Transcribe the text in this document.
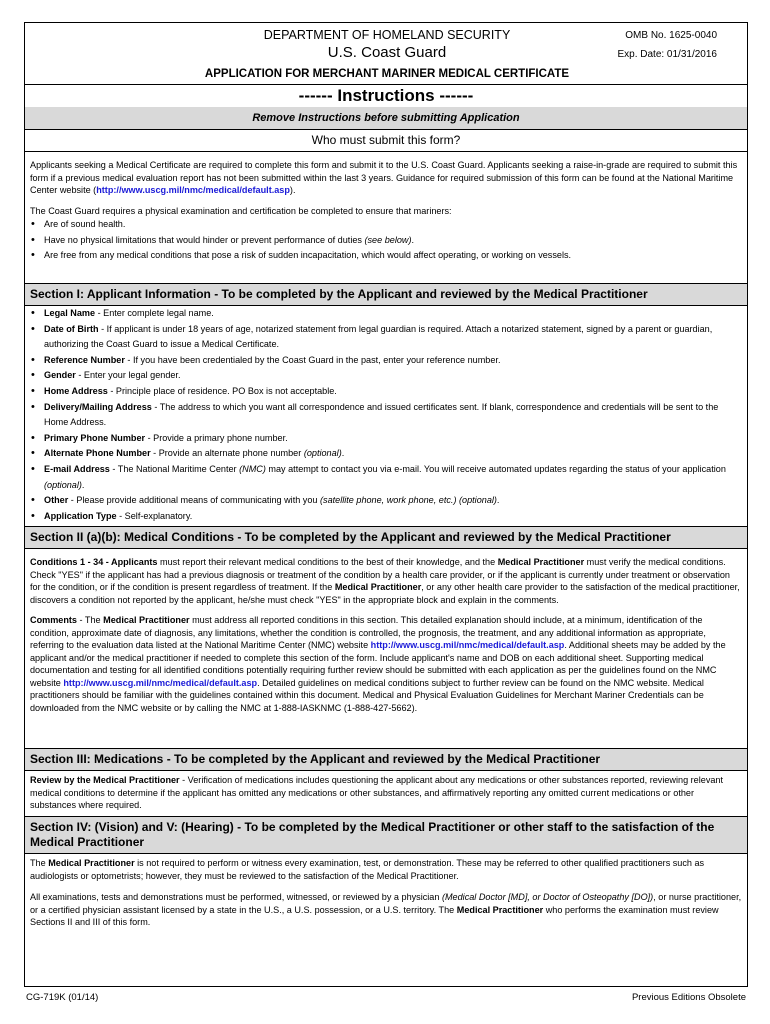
DEPARTMENT OF HOMELAND SECURITY
U.S. Coast Guard
OMB No. 1625-0040
Exp. Date: 01/31/2016
APPLICATION FOR MERCHANT MARINER MEDICAL CERTIFICATE
------ Instructions ------
Remove Instructions before submitting Application
Who must submit this form?

Applicants seeking a Medical Certificate are required to complete this form and submit it to the U.S. Coast Guard. Applicants seeking a raise-in-grade are required to submit this form if a previous medical evaluation report has not been submitted within the last 3 years. Guidance for required submission of this form can be found at the National Maritime Center website (http://www.uscg.mil/nmc/medical/default.asp).

The Coast Guard requires a physical examination and certification be completed to ensure that mariners:

• Are of sound health.
• Have no physical limitations that would hinder or prevent performance of duties (see below).
• Are free from any medical conditions that pose a risk of sudden incapacitation, which would affect operating, or working on vessels.
Section I: Applicant Information - To be completed by the Applicant and reviewed by the Medical Practitioner
• Legal Name - Enter complete legal name.
• Date of Birth - If applicant is under 18 years of age, notarized statement from legal guardian is required. Attach a notarized statement, signed by a parent or guardian, authorizing the Coast Guard to issue a Medical Certificate.
• Reference Number - If you have been credentialed by the Coast Guard in the past, enter your reference number.
• Gender - Enter your legal gender.
• Home Address - Principle place of residence. PO Box is not acceptable.
• Delivery/Mailing Address - The address to which you want all correspondence and issued certificates sent. If blank, correspondence and credentials will be sent to the Home Address.
• Primary Phone Number - Provide a primary phone number.
• Alternate Phone Number - Provide an alternate phone number (optional).
• E-mail Address - The National Maritime Center (NMC) may attempt to contact you via e-mail. You will receive automated updates regarding the status of your application (optional).
• Other - Please provide additional means of communicating with you (satellite phone, work phone, etc.) (optional).
• Application Type - Self-explanatory.
Section II (a)(b): Medical Conditions - To be completed by the Applicant and reviewed by the Medical Practitioner

Conditions 1 - 34 - Applicants must report their relevant medical conditions to the best of their knowledge, and the Medical Practitioner must verify the medical conditions. Check "YES" if the applicant has had a previous diagnosis or treatment of the condition by a health care provider, or if the applicant is currently under treatment or observation for the condition, or if the condition is present regardless of treatment. If the Medical Practitioner, or any other health care provider to the satisfaction of the medical practitioner, discovers a condition not reported by the applicant, he/she must check "YES" in the appropriate block and explain in the comments.

Comments - The Medical Practitioner must address all reported conditions in this section. This detailed explanation should include, at a minimum, identification of the condition, approximate date of diagnosis, any limitations, whether the condition is controlled, the prognosis, the treatment, and any additional information as appropriate, referring to the evaluation data listed at the National Maritime Center (NMC) website http://www.uscg.mil/nmc/medical/default.asp. Additional sheets may be added by the applicant and/or the medical practitioner if needed to complete this section of the form. Include applicant's name and DOB on each additional sheet. Supporting medical documentation and testing for all identified conditions potentially requiring further review should be submitted with each application as per the guidelines found on the NMC website http://www.uscg.mil/nmc/medical/default.asp. Detailed guidelines on medical conditions subject to further review can be found on the NMC website. Medical practitioners should be familiar with the guidelines contained within this document. Medical and Physical Evaluation Guidelines for Merchant Mariner Credentials can be downloaded from the NMC website or by calling the NMC at 1-888-IASKNMC (1-888-427-5662).

Section III: Medications - To be completed by the Applicant and reviewed by the Medical Practitioner

Review by the Medical Practitioner - Verification of medications includes questioning the applicant about any medications or other substances reported, reviewing relevant medical conditions to determine if the applicant has omitted any medications or other substances, and affirmatively reporting any omitted current medications or other substances where required.

Section IV: (Vision) and V: (Hearing) - To be completed by the Medical Practitioner or other staff to the satisfaction of the Medical Practitioner

The Medical Practitioner is not required to perform or witness every examination, test, or demonstration. These may be referred to other qualified practitioners such as audiologists or optometrists; however, they must be reviewed to the satisfaction of the Medical Practitioner.

All examinations, tests and demonstrations must be performed, witnessed, or reviewed by a physician (Medical Doctor [MD], or Doctor of Osteopathy [DO]), or nurse practitioner, or a certified physician assistant licensed by a state in the U.S., a U.S. possession, or a U.S. territory. The Medical Practitioner who performs the examination must review Sections II and III of this form.

CG-719K (01/14)	Previous Editions Obsolete
